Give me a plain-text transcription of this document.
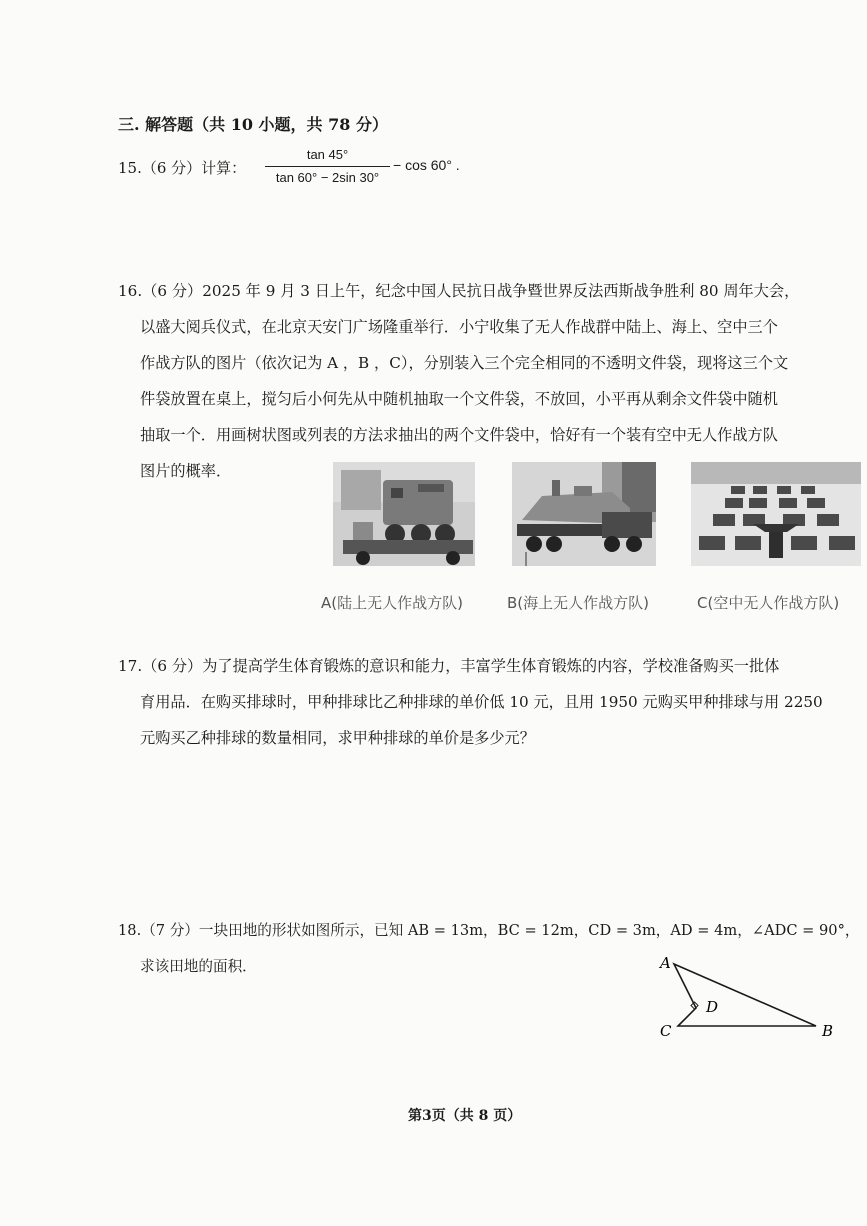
三. 解答题（共 10 小题，共 78 分）
15.（6 分）计算：
tan 45°
tan 60° − 2sin 30°
− cos 60° .
16.（6 分）2025 年 9 月 3 日上午，纪念中国人民抗日战争暨世界反法西斯战争胜利 80 周年大会，
以盛大阅兵仪式，在北京天安门广场隆重举行．小宁收集了无人作战群中陆上、海上、空中三个
作战方队的图片（依次记为 A ，B ，C），分别装入三个完全相同的不透明文件袋，现将这三个文
件袋放置在桌上，搅匀后小何先从中随机抽取一个文件袋，不放回，小平再从剩余文件袋中随机
抽取一个．用画树状图或列表的方法求抽出的两个文件袋中，恰好有一个装有空中无人作战方队
图片的概率．
A(陆上无人作战方队)	B(海上无人作战方队)	C(空中无人作战方队)
17.（6 分）为了提高学生体育锻炼的意识和能力，丰富学生体育锻炼的内容，学校准备购买一批体
育用品．在购买排球时，甲种排球比乙种排球的单价低 10 元，且用 1950 元购买甲种排球与用 2250
元购买乙种排球的数量相同，求甲种排球的单价是多少元？
18.（7 分）一块田地的形状如图所示，已知 AB = 13m，BC = 12m，CD = 3m，AD = 4m，∠ADC = 90°，
求该田地的面积．	A
B
C
D
第3页（共 8 页）
